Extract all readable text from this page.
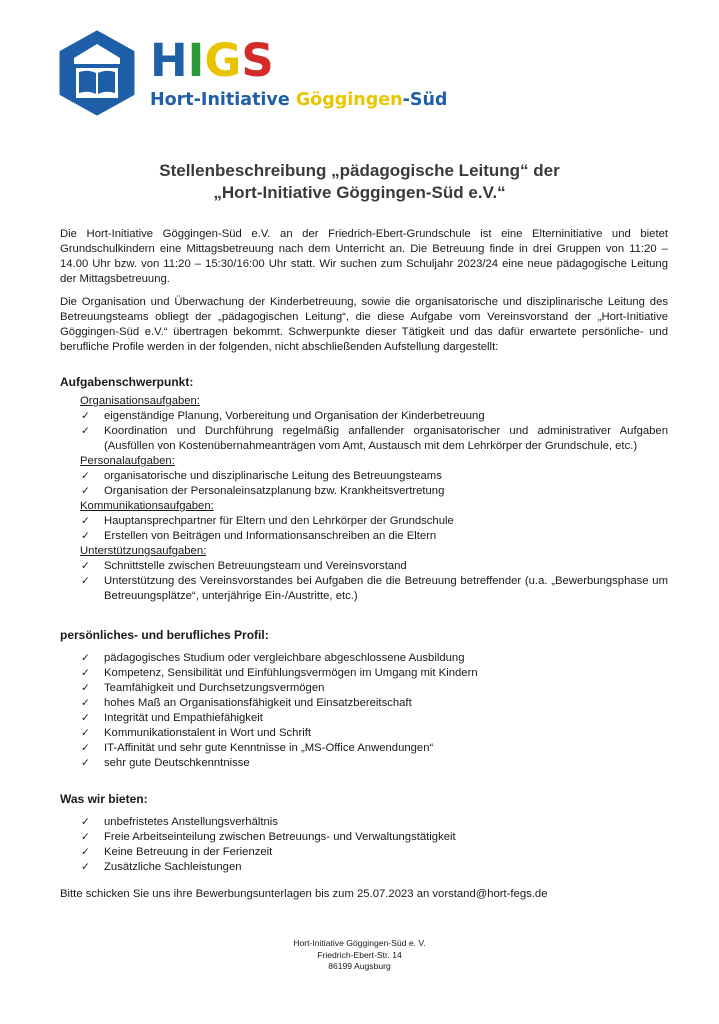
HIGS
Hort-Initiative Göggingen-Süd
Stellenbeschreibung „pädagogische Leitung“ der
„Hort-Initiative Göggingen-Süd e.V.“
Die Hort-Initiative Göggingen-Süd e.V. an der Friedrich-Ebert-Grundschule ist eine Elterninitiative und bietet Grundschulkindern eine Mittagsbetreuung nach dem Unterricht an. Die Betreuung finde in drei Gruppen von 11:20 – 14.00 Uhr bzw. von 11:20 – 15:30/16:00 Uhr statt. Wir suchen zum Schuljahr 2023/24 eine neue pädagogische Leitung der Mittagsbetreuung.
Die Organisation und Überwachung der Kinderbetreuung, sowie die organisatorische und disziplinarische Leitung des Betreuungsteams obliegt der „pädagogischen Leitung“, die diese Aufgabe vom Vereinsvorstand der „Hort-Initiative Göggingen-Süd e.V.“ übertragen bekommt. Schwerpunkte dieser Tätigkeit und das dafür erwartete persönliche- und berufliche Profile werden in der folgenden, nicht abschließenden Aufstellung dargestellt:
Aufgabenschwerpunkt:
Organisationsaufgaben:
✓ eigenständige Planung, Vorbereitung und Organisation der Kinderbetreuung
✓ Koordination und Durchführung regelmäßig anfallender organisatorischer und administrativer Aufgaben (Ausfüllen von Kostenübernahmeanträgen vom Amt, Austausch mit dem Lehrkörper der Grundschule, etc.)
Personalaufgaben:
✓ organisatorische und disziplinarische Leitung des Betreuungsteams
✓ Organisation der Personaleinsatzplanung bzw. Krankheitsvertretung
Kommunikationsaufgaben:
✓ Hauptansprechpartner für Eltern und den Lehrkörper der Grundschule
✓ Erstellen von Beiträgen und Informationsanschreiben an die Eltern
Unterstützungsaufgaben:
✓ Schnittstelle zwischen Betreuungsteam und Vereinsvorstand
✓ Unterstützung des Vereinsvorstandes bei Aufgaben die die Betreuung betreffender (u.a. „Bewerbungsphase um Betreuungsplätze“, unterjährige Ein-/Austritte, etc.)
persönliches- und berufliches Profil:
✓ pädagogisches Studium oder vergleichbare abgeschlossene Ausbildung
✓ Kompetenz, Sensibilität und Einfühlungsvermögen im Umgang mit Kindern
✓ Teamfähigkeit und Durchsetzungsvermögen
✓ hohes Maß an Organisationsfähigkeit und Einsatzbereitschaft
✓ Integrität und Empathiefähigkeit
✓ Kommunikationstalent in Wort und Schrift
✓ IT-Affinität und sehr gute Kenntnisse in „MS-Office Anwendungen“
✓ sehr gute Deutschkenntnisse
Was wir bieten:
✓ unbefristetes Anstellungsverhältnis
✓ Freie Arbeitseinteilung zwischen Betreuungs- und Verwaltungstätigkeit
✓ Keine Betreuung in der Ferienzeit
✓ Zusätzliche Sachleistungen
Bitte schicken Sie uns ihre Bewerbungsunterlagen bis zum 25.07.2023 an vorstand@hort-fegs.de
Hort-Initiative Göggingen-Süd e. V.
Friedrich-Ebert-Str. 14
86199 Augsburg
